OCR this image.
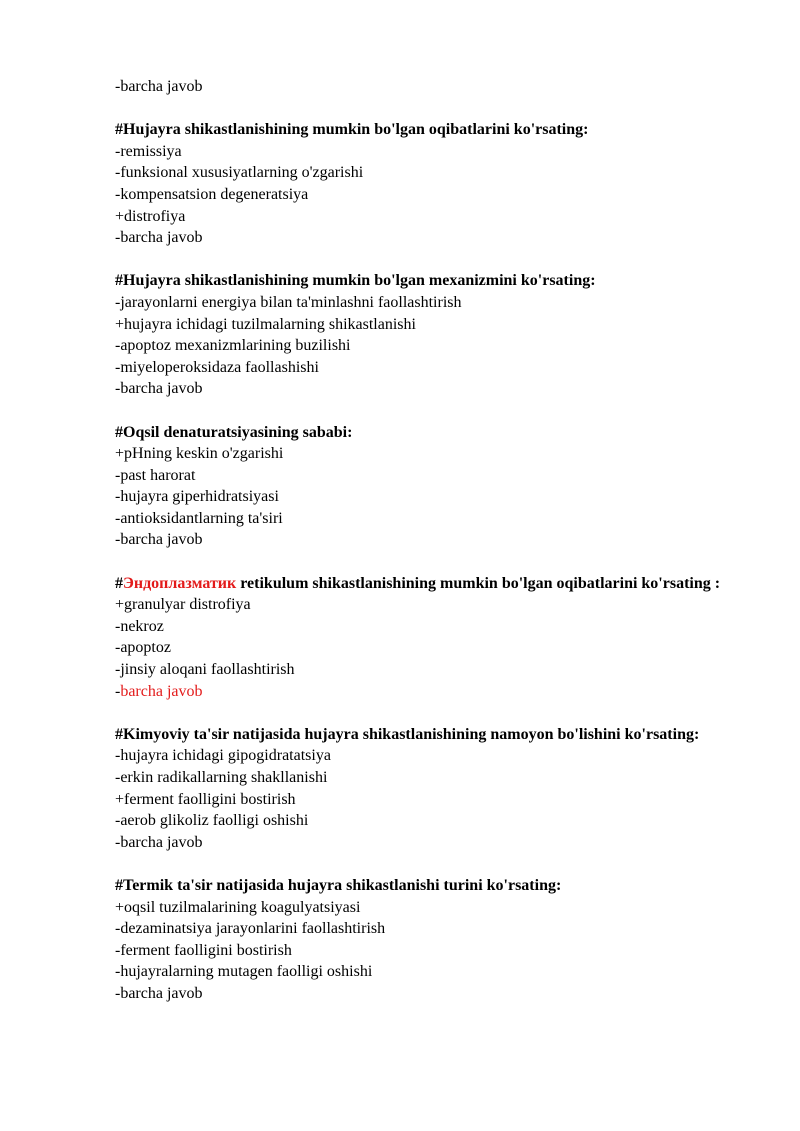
-barcha javob
#Hujayra shikastlanishining mumkin bo'lgan oqibatlarini ko'rsating:
-remissiya
-funksional xususiyatlarning o'zgarishi
-kompensatsion degeneratsiya
+distrofiya
-barcha javob
#Hujayra shikastlanishining mumkin bo'lgan mexanizmini ko'rsating:
-jarayonlarni energiya bilan ta'minlashni faollashtirish
+hujayra ichidagi tuzilmalarning shikastlanishi
-apoptoz mexanizmlarining buzilishi
-miyeloperoksidaza faollashishi
-barcha javob
#Oqsil denaturatsiyasining sababi:
+pHning keskin o'zgarishi
-past harorat
-hujayra giperhidratsiyasi
-antioksidantlarning ta'siri
-barcha javob
#Эндоплазматик retikulum shikastlanishining mumkin bo'lgan oqibatlarini ko'rsating :
+granulyar distrofiya
-nekroz
-apoptoz
-jinsiy aloqani faollashtirish
-barcha javob
#Kimyoviy ta'sir natijasida hujayra shikastlanishining namoyon bo'lishini ko'rsating:
-hujayra ichidagi gipogidratatsiya
-erkin radikallarning shakllanishi
+ferment faolligini bostirish
-aerob glikoliz faolligi oshishi
-barcha javob
#Termik ta'sir natijasida hujayra shikastlanishi turini ko'rsating:
+oqsil tuzilmalarining koagulyatsiyasi
-dezaminatsiya jarayonlarini faollashtirish
-ferment faolligini bostirish
-hujayralarning mutagen faolligi oshishi
-barcha javob
